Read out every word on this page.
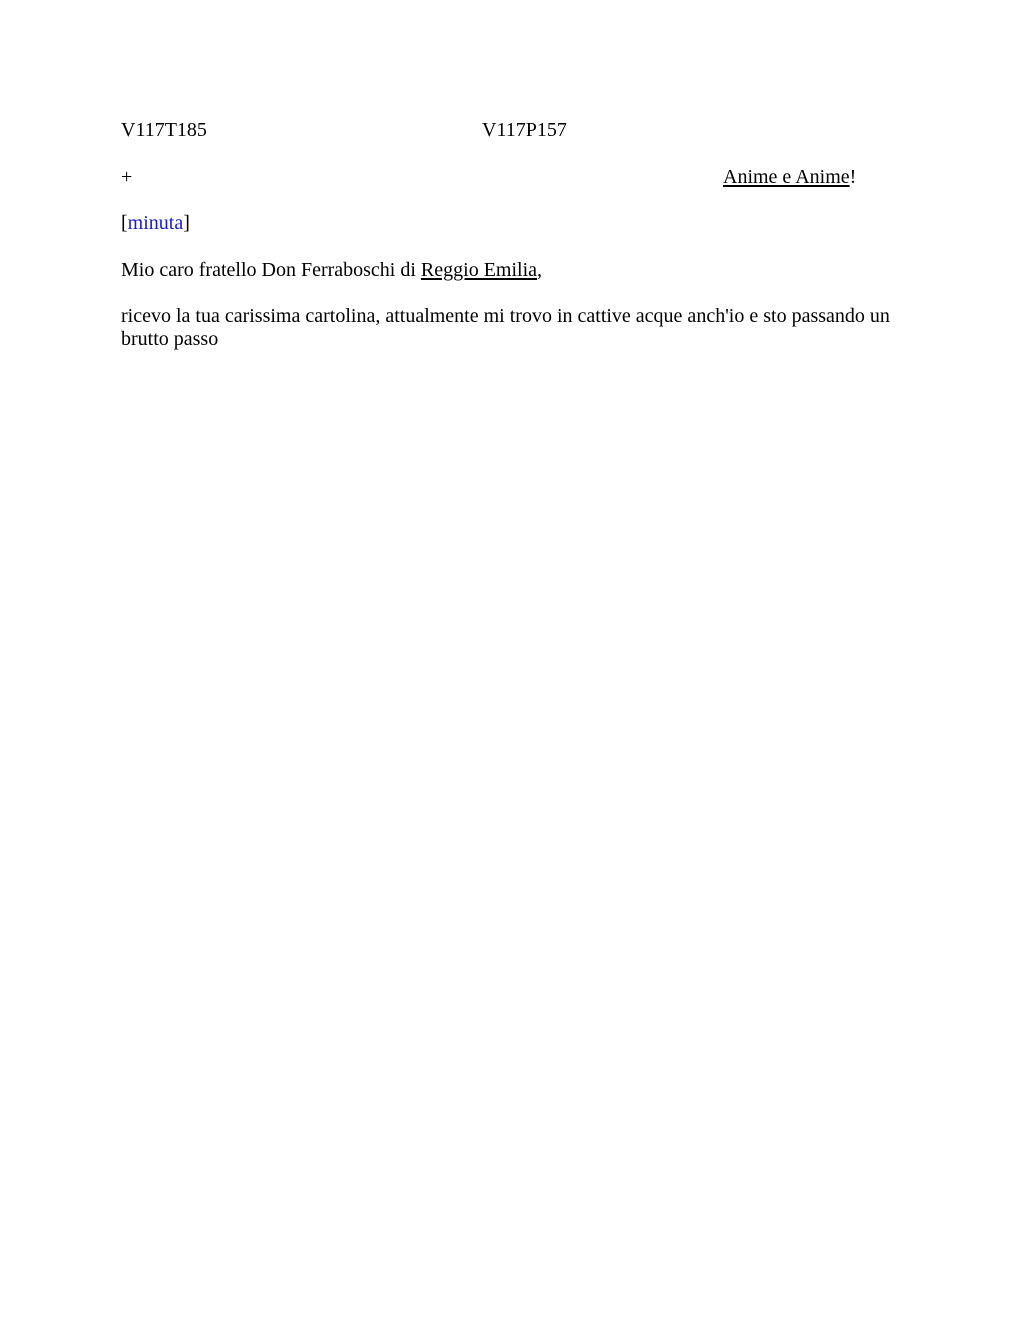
V117T185	V117P157
+	Anime e Anime!
[minuta]
Mio caro fratello Don Ferraboschi di Reggio Emilia,
ricevo la tua carissima cartolina, attualmente mi trovo in cattive acque anch'io e sto passando un brutto passo
